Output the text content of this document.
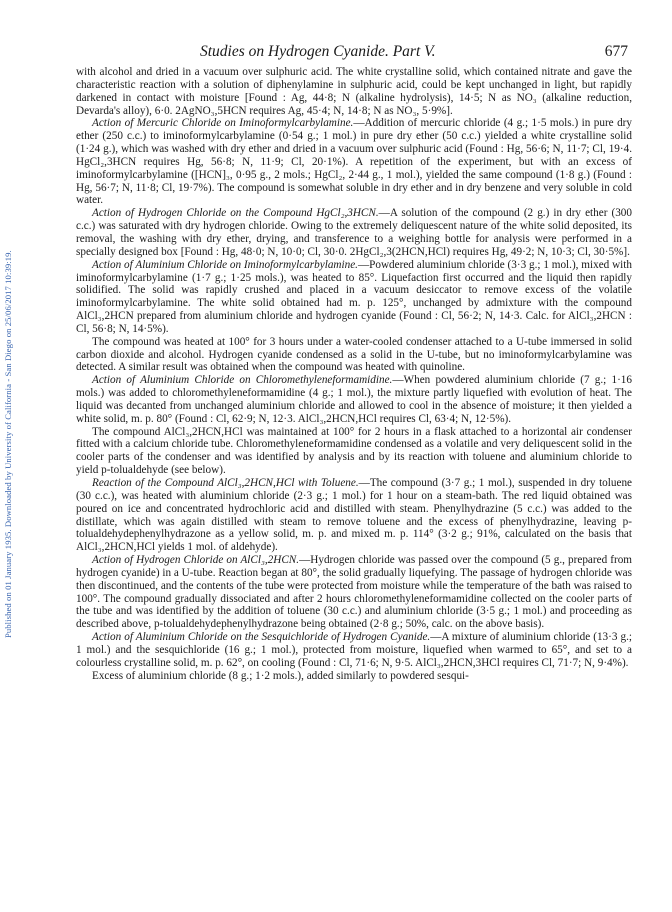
Published on 01 January 1935. Downloaded by University of California - San Diego on 25/06/2017 10:39:19.
Studies on Hydrogen Cyanide. Part V.	677

with alcohol and dried in a vacuum over sulphuric acid. The white crystalline solid, which contained nitrate and gave the characteristic reaction with a solution of diphenylamine in sulphuric acid, could be kept unchanged in light, but rapidly darkened in contact with moisture [Found : Ag, 44·8; N (alkaline hydrolysis), 14·5; N as NO₃ (alkaline reduction, Devarda's alloy), 6·0. 2AgNO₃,5HCN requires Ag, 45·4; N, 14·8; N as NO₃, 5·9%].

Action of Mercuric Chloride on Iminoformylcarbylamine.—Addition of mercuric chloride (4 g.; 1·5 mols.) in pure dry ether (250 c.c.) to iminoformylcarbylamine (0·54 g.; 1 mol.) in pure dry ether (50 c.c.) yielded a white crystalline solid (1·24 g.), which was washed with dry ether and dried in a vacuum over sulphuric acid (Found : Hg, 56·6; N, 11·7; Cl, 19·4. HgCl₂,3HCN requires Hg, 56·8; N, 11·9; Cl, 20·1%). A repetition of the experiment, but with an excess of iminoformylcarbylamine ([HCN]₃, 0·95 g., 2 mols.; HgCl₂, 2·44 g., 1 mol.), yielded the same compound (1·8 g.) (Found : Hg, 56·7; N, 11·8; Cl, 19·7%). The compound is somewhat soluble in dry ether and in dry benzene and very soluble in cold water.

Action of Hydrogen Chloride on the Compound HgCl₂,3HCN.—A solution of the compound (2 g.) in dry ether (300 c.c.) was saturated with dry hydrogen chloride. Owing to the extremely deliquescent nature of the white solid deposited, its removal, the washing with dry ether, drying, and transference to a weighing bottle for analysis were performed in a specially designed box [Found : Hg, 48·0; N, 10·0; Cl, 30·0. 2HgCl₂,3(2HCN,HCl) requires Hg, 49·2; N, 10·3; Cl, 30·5%].

Action of Aluminium Chloride on Iminoformylcarbylamine.—Powdered aluminium chloride (3·3 g.; 1 mol.), mixed with iminoformylcarbylamine (1·7 g.; 1·25 mols.), was heated to 85°. Liquefaction first occurred and the liquid then rapidly solidified. The solid was rapidly crushed and placed in a vacuum desiccator to remove excess of the volatile iminoformylcarbylamine. The white solid obtained had m. p. 125°, unchanged by admixture with the compound AlCl₃,2HCN prepared from aluminium chloride and hydrogen cyanide (Found : Cl, 56·2; N, 14·3. Calc. for AlCl₃,2HCN : Cl, 56·8; N, 14·5%).

The compound was heated at 100° for 3 hours under a water-cooled condenser attached to a U-tube immersed in solid carbon dioxide and alcohol. Hydrogen cyanide condensed as a solid in the U-tube, but no iminoformylcarbylamine was detected. A similar result was obtained when the compound was heated with quinoline.

Action of Aluminium Chloride on Chloromethyleneformamidine.—When powdered aluminium chloride (7 g.; 1·16 mols.) was added to chloromethyleneformamidine (4 g.; 1 mol.), the mixture partly liquefied with evolution of heat. The liquid was decanted from unchanged aluminium chloride and allowed to cool in the absence of moisture; it then yielded a white solid, m. p. 80° (Found : Cl, 62·9; N, 12·3. AlCl₃,2HCN,HCl requires Cl, 63·4; N, 12·5%).

The compound AlCl₃,2HCN,HCl was maintained at 100° for 2 hours in a flask attached to a horizontal air condenser fitted with a calcium chloride tube. Chloromethyleneformamidine condensed as a volatile and very deliquescent solid in the cooler parts of the condenser and was identified by analysis and by its reaction with toluene and aluminium chloride to yield p-tolualdehyde (see below).

Reaction of the Compound AlCl₃,2HCN,HCl with Toluene.—The compound (3·7 g.; 1 mol.), suspended in dry toluene (30 c.c.), was heated with aluminium chloride (2·3 g.; 1 mol.) for 1 hour on a steam-bath. The red liquid obtained was poured on ice and concentrated hydrochloric acid and distilled with steam. Phenylhydrazine (5 c.c.) was added to the distillate, which was again distilled with steam to remove toluene and the excess of phenylhydrazine, leaving p-tolualdehydephenylhydrazone as a yellow solid, m. p. and mixed m. p. 114° (3·2 g.; 91%, calculated on the basis that AlCl₃,2HCN,HCl yields 1 mol. of aldehyde).

Action of Hydrogen Chloride on AlCl₃,2HCN.—Hydrogen chloride was passed over the compound (5 g., prepared from hydrogen cyanide) in a U-tube. Reaction began at 80°, the solid gradually liquefying. The passage of hydrogen chloride was then discontinued, and the contents of the tube were protected from moisture while the temperature of the bath was raised to 100°. The compound gradually dissociated and after 2 hours chloromethyleneformamidine collected on the cooler parts of the tube and was identified by the addition of toluene (30 c.c.) and aluminium chloride (3·5 g.; 1 mol.) and proceeding as described above, p-tolualdehydephenylhydrazone being obtained (2·8 g.; 50%, calc. on the above basis).

Action of Aluminium Chloride on the Sesquichloride of Hydrogen Cyanide.—A mixture of aluminium chloride (13·3 g.; 1 mol.) and the sesquichloride (16 g.; 1 mol.), protected from moisture, liquefied when warmed to 65°, and set to a colourless crystalline solid, m. p. 62°, on cooling (Found : Cl, 71·6; N, 9·5. AlCl₃,2HCN,3HCl requires Cl, 71·7; N, 9·4%).

Excess of aluminium chloride (8 g.; 1·2 mols.), added similarly to powdered sesqui-
